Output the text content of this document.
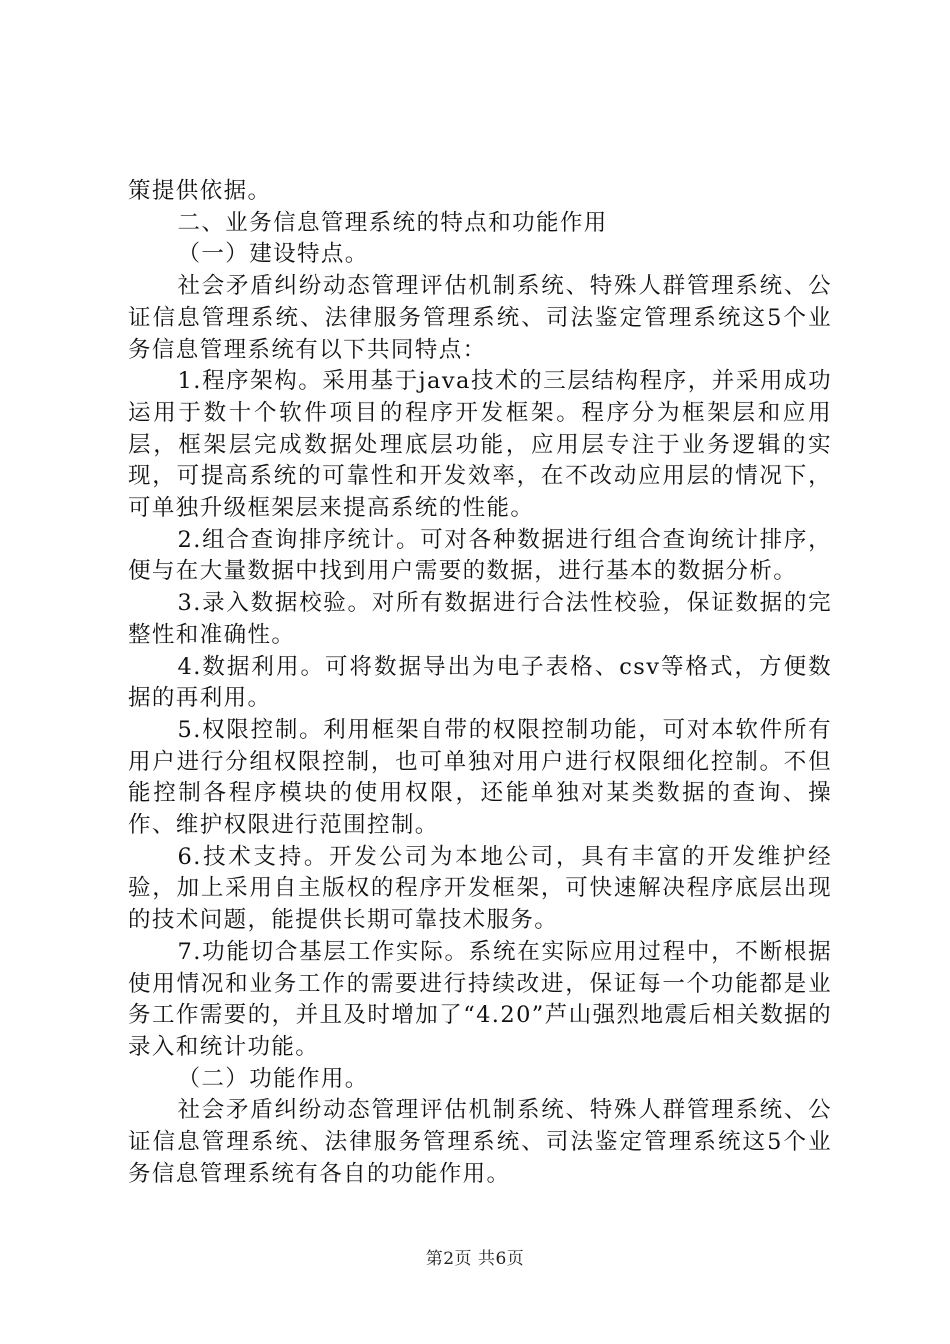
策提供依据。

二、业务信息管理系统的特点和功能作用

（一）建设特点。

社会矛盾纠纷动态管理评估机制系统、特殊人群管理系统、公证信息管理系统、法律服务管理系统、司法鉴定管理系统这5个业务信息管理系统有以下共同特点：

1.程序架构。采用基于java技术的三层结构程序，并采用成功运用于数十个软件项目的程序开发框架。程序分为框架层和应用层，框架层完成数据处理底层功能，应用层专注于业务逻辑的实现，可提高系统的可靠性和开发效率，在不改动应用层的情况下，可单独升级框架层来提高系统的性能。

2.组合查询排序统计。可对各种数据进行组合查询统计排序，便与在大量数据中找到用户需要的数据，进行基本的数据分析。

3.录入数据校验。对所有数据进行合法性校验，保证数据的完整性和准确性。

4.数据利用。可将数据导出为电子表格、csv等格式，方便数据的再利用。

5.权限控制。利用框架自带的权限控制功能，可对本软件所有用户进行分组权限控制，也可单独对用户进行权限细化控制。不但能控制各程序模块的使用权限，还能单独对某类数据的查询、操作、维护权限进行范围控制。

6.技术支持。开发公司为本地公司，具有丰富的开发维护经验，加上采用自主版权的程序开发框架，可快速解决程序底层出现的技术问题，能提供长期可靠技术服务。

7.功能切合基层工作实际。系统在实际应用过程中，不断根据使用情况和业务工作的需要进行持续改进，保证每一个功能都是业务工作需要的，并且及时增加了“4.20”芦山强烈地震后相关数据的录入和统计功能。

（二）功能作用。

社会矛盾纠纷动态管理评估机制系统、特殊人群管理系统、公证信息管理系统、法律服务管理系统、司法鉴定管理系统这5个业务信息管理系统有各自的功能作用。

第2页 共6页
